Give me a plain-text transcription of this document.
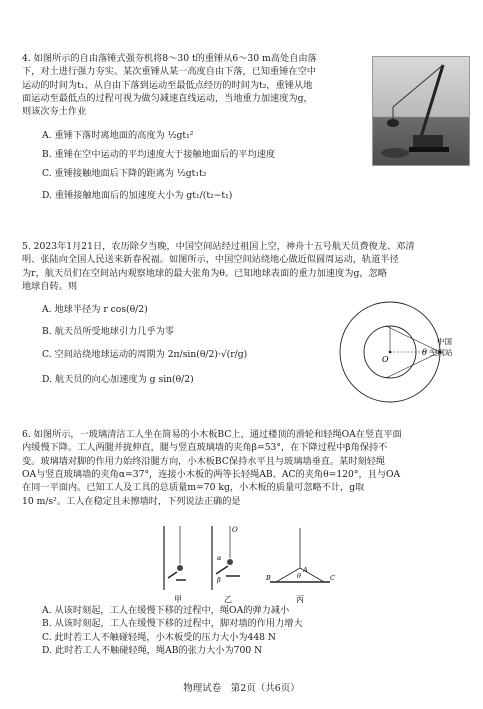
4. 如图所示的自由落锤式强夯机将8～30 t的重锤从6～30 m高处自由落
下，对土进行强力夯实。某次重锤从某一高度自由下落，已知重锤在空中
运动的时间为t₁、从自由下落到运动至最低点经历的时间为t₂，重锤从地
面运动至最低点的过程可视为做匀减速直线运动，当地重力加速度为g，
则该次夯土作业
A. 重锤下落时离地面的高度为 ½gt₁²
B. 重锤在空中运动的平均速度大于接触地面后的平均速度
C. 重锤接触地面后下降的距离为 ½gt₁t₂
D. 重锤接触地面后的加速度大小为 gt₁/(t₂−t₁)
5. 2023年1月21日，农历除夕当晚，中国空间站经过祖国上空，神舟十五号航天员费俊龙、邓清
明、张陆向全国人民送来新春祝福。如图所示，中国空间站绕地心做近似圆周运动，轨道半径
为r，航天员们在空间站内观察地球的最大张角为θ。已知地球表面的重力加速度为g，忽略
地球自转。则
A. 地球半径为 r cos(θ/2)
B. 航天员所受地球引力几乎为零
C. 空间站绕地球运动的周期为 2π/sin(θ/2)·√(r/g)
D. 航天员的向心加速度为 g sin(θ/2)
O
θ
中国
空间站
6. 如图所示，一玻璃清洁工人坐在简易的小木板BC上，通过楼顶的滑轮和轻绳OA在竖直平面
内缓慢下降。工人两腿并拢伸直，腿与竖直玻璃墙的夹角β=53°，在下降过程中β角保持不
变。玻璃墙对脚的作用力始终沿腿方向，小木板BC保持水平且与玻璃墙垂直。某时刻轻绳
OA与竖直玻璃墙的夹角α=37°，连接小木板的两等长轻绳AB、AC的夹角θ=120°，且与OA
在同一平面内。已知工人及工具的总质量m=70 kg，小木板的质量可忽略不计，g取
10 m/s²。工人在稳定且未擦墙时，下列说法正确的是
甲
O
α
β
乙
A
θ
B	C
丙
A. 从该时刻起，工人在缓慢下移的过程中，绳OA的弹力减小
B. 从该时刻起，工人在缓慢下移的过程中，脚对墙的作用力增大
C. 此时若工人不触碰轻绳，小木板受的压力大小为448 N
D. 此时若工人不触碰轻绳，绳AB的张力大小为700 N
物理试卷　第2页（共6页）
